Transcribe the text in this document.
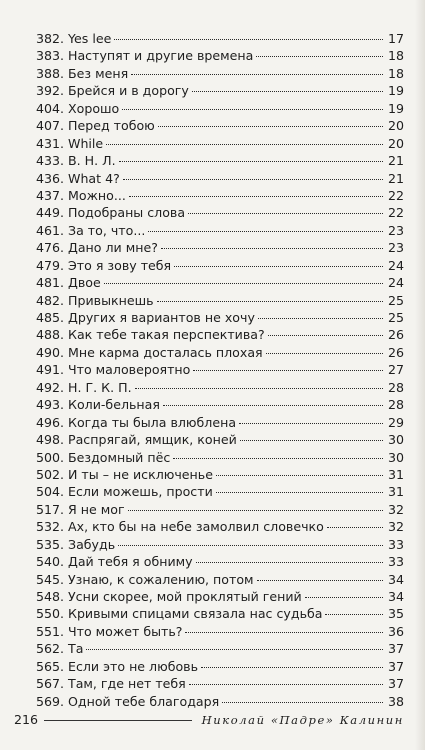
382. Yes lee	17
383. Наступят и другие времена	18
388. Без меня	18
392. Брейся и в дорогу	19
404. Хорошо	19
407. Перед тобою	20
431. While	20
433. В. Н. Л.	21
436. What 4?	21
437. Можно...	22
449. Подобраны слова	22
461. За то, что...	23
476. Дано ли мне?	23
479. Это я зову тебя	24
481. Двое	24
482. Привыкнешь	25
485. Других я вариантов не хочу	25
488. Как тебе такая перспектива?	26
490. Мне карма досталась плохая	26
491. Что маловероятно	27
492. Н. Г. К. П.	28
493. Коли-бельная	28
496. Когда ты была влюблена	29
498. Распрягай, ямщик, коней	30
500. Бездомный пёс	30
502. И ты – не исключенье	31
504. Если можешь, прости	31
517. Я не мог	32
532. Ах, кто бы на небе замолвил словечко	32
535. Забудь	33
540. Дай тебя я обниму	33
545. Узнаю, к сожалению, потом	34
548. Усни скорее, мой проклятый гений	34
550. Кривыми спицами связала нас судьба	35
551. Что может быть?	36
562. Та	37
565. Если это не любовь	37
567. Там, где нет тебя	37
569. Одной тебе благодаря	38
216	Николай «Падре» Калинин
